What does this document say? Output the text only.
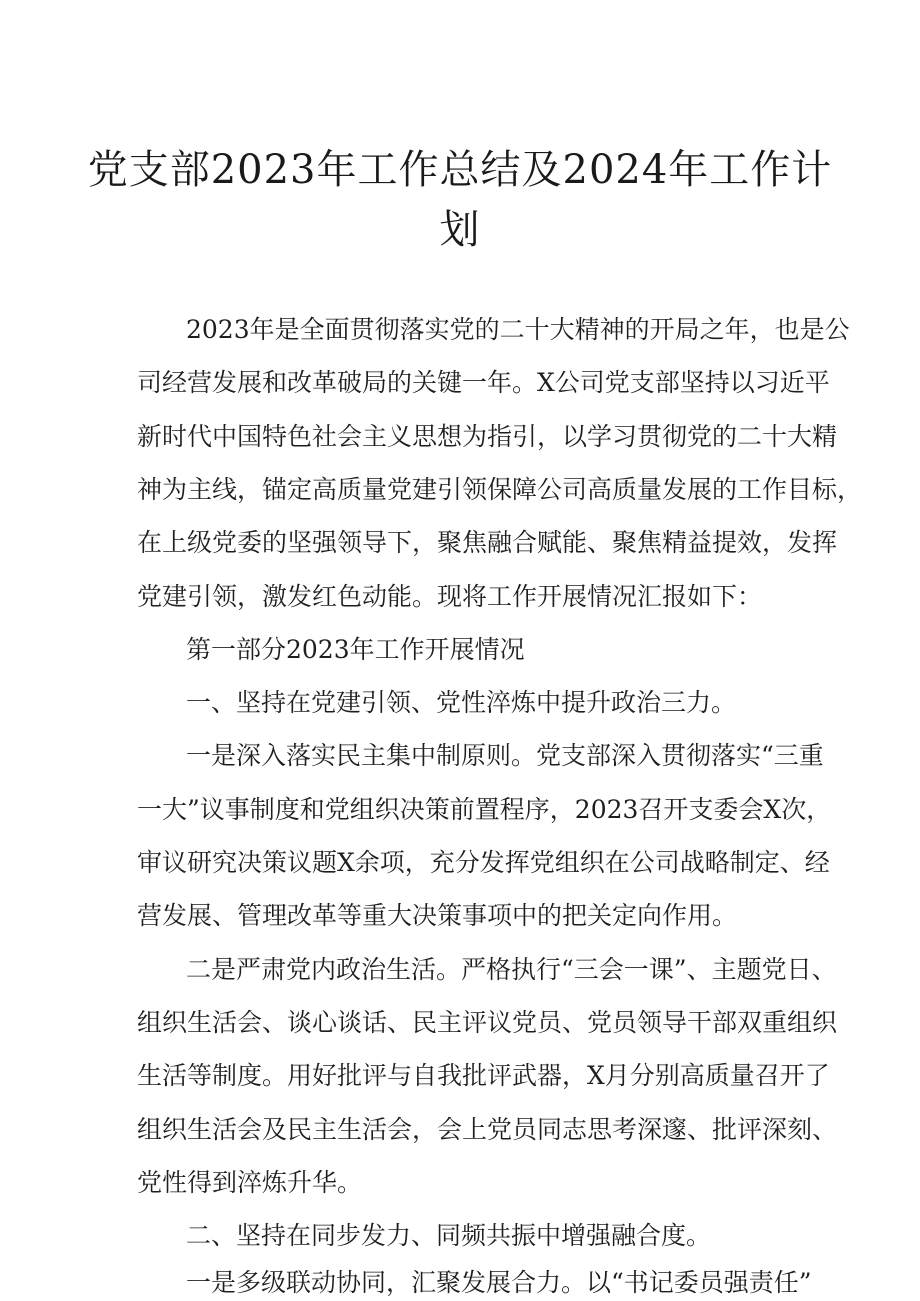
党支部2023年工作总结及2024年工作计
划
2023年是全面贯彻落实党的二十大精神的开局之年，也是公
司经营发展和改革破局的关键一年。X公司党支部坚持以习近平
新时代中国特色社会主义思想为指引，以学习贯彻党的二十大精
神为主线，锚定高质量党建引领保障公司高质量发展的工作目标，
在上级党委的坚强领导下，聚焦融合赋能、聚焦精益提效，发挥
党建引领，激发红色动能。现将工作开展情况汇报如下：
第一部分2023年工作开展情况
一、坚持在党建引领、党性淬炼中提升政治三力。
一是深入落实民主集中制原则。党支部深入贯彻落实“三重
一大”议事制度和党组织决策前置程序，2023召开支委会X次，
审议研究决策议题X余项，充分发挥党组织在公司战略制定、经
营发展、管理改革等重大决策事项中的把关定向作用。
二是严肃党内政治生活。严格执行“三会一课”、主题党日、
组织生活会、谈心谈话、民主评议党员、党员领导干部双重组织
生活等制度。用好批评与自我批评武器，X月分别高质量召开了
组织生活会及民主生活会，会上党员同志思考深邃、批评深刻、
党性得到淬炼升华。
二、坚持在同步发力、同频共振中增强融合度。
一是多级联动协同，汇聚发展合力。以“书记委员强责任”
